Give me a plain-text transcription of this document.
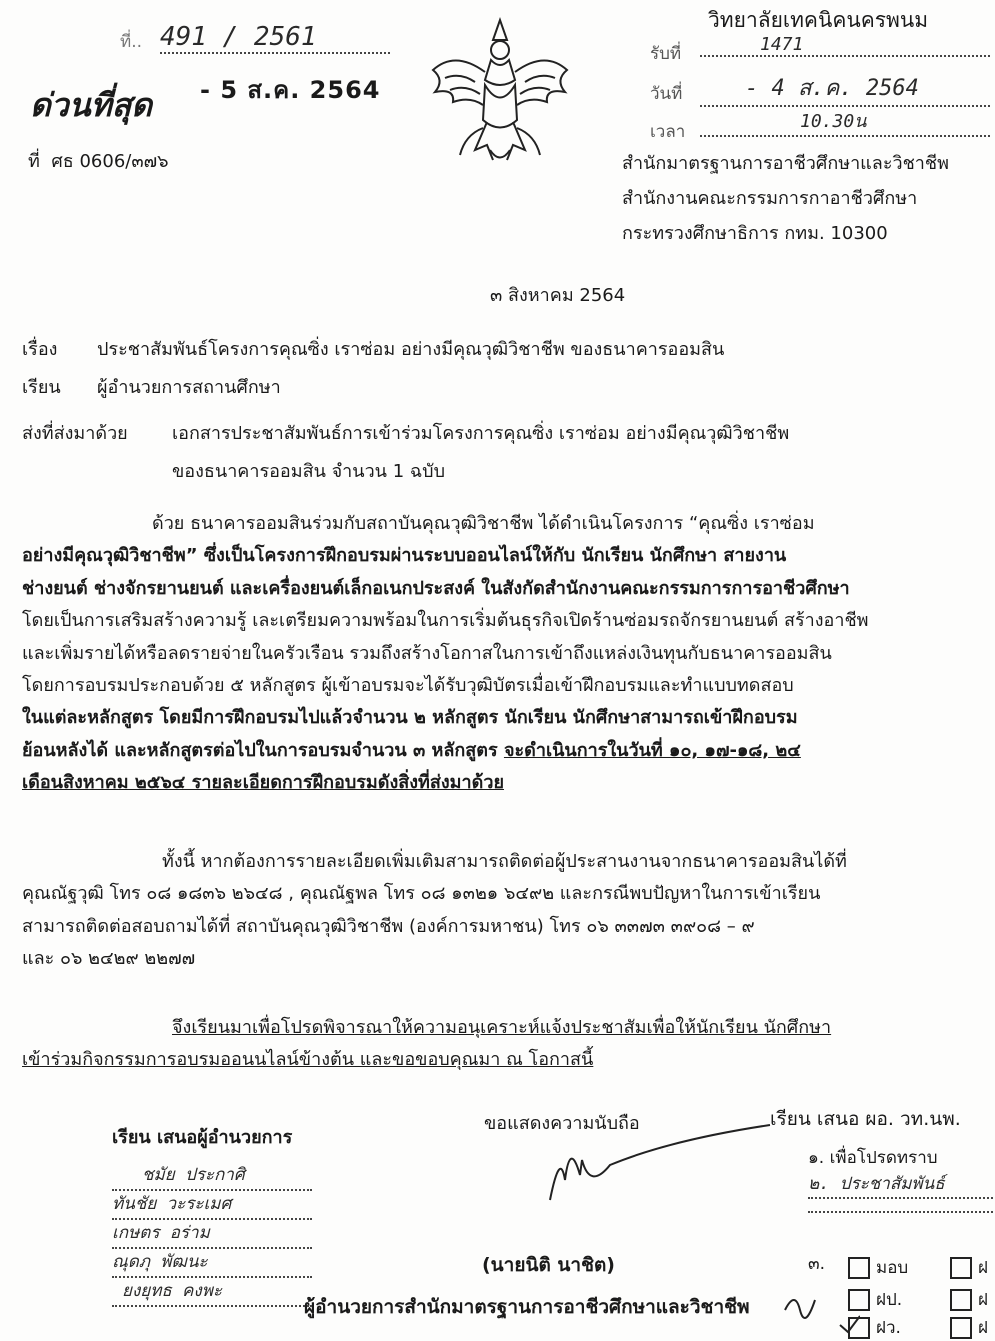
ที่.. 491 / 2561
- 5 ส.ค. 2564
ด่วนที่สุด
ที่ ศธ 0606/๓๗๖
วิทยาลัยเทคนิคนครพนม
รับที่	1471
วันที่	- 4 ส.ค. 2564
เวลา	10.30น
สำนักมาตรฐานการอาชีวศึกษาและวิชาชีพ
สำนักงานคณะกรรมการกาอาชีวศึกษา
กระทรวงศึกษาธิการ กทม. 10300
๓ สิงหาคม 2564
เรื่อง ประชาสัมพันธ์โครงการคุณซิ่ง เราซ่อม อย่างมีคุณวุฒิวิชาชีพ ของธนาคารออมสิน
เรียน ผู้อำนวยการสถานศึกษา
ส่งที่ส่งมาด้วย เอกสารประชาสัมพันธ์การเข้าร่วมโครงการคุณซิ่ง เราซ่อม อย่างมีคุณวุฒิวิชาชีพ
ของธนาคารออมสิน จำนวน 1 ฉบับ
ด้วย ธนาคารออมสินร่วมกับสถาบันคุณวุฒิวิชาชีพ ได้ดำเนินโครงการ “คุณซิ่ง เราซ่อม
อย่างมีคุณวุฒิวิชาชีพ” ซึ่งเป็นโครงการฝึกอบรมผ่านระบบออนไลน์ให้กับ นักเรียน นักศึกษา สายงาน
ช่างยนต์ ช่างจักรยานยนต์ และเครื่องยนต์เล็กอเนกประสงค์ ในสังกัดสำนักงานคณะกรรมการการอาชีวศึกษา
โดยเป็นการเสริมสร้างความรู้ เละเตรียมความพร้อมในการเริ่มต้นธุรกิจเปิดร้านซ่อมรถจักรยานยนต์ สร้างอาชีพ
และเพิ่มรายได้หรือลดรายจ่ายในครัวเรือน รวมถึงสร้างโอกาสในการเข้าถึงแหล่งเงินทุนกับธนาคารออมสิน
โดยการอบรมประกอบด้วย ๕ หลักสูตร ผู้เข้าอบรมจะได้รับวุฒิบัตรเมื่อเข้าฝึกอบรมและทำแบบทดสอบ
ในแต่ละหลักสูตร โดยมีการฝึกอบรมไปแล้วจำนวน ๒ หลักสูตร นักเรียน นักศึกษาสามารถเข้าฝึกอบรม
ย้อนหลังได้ และหลักสูตรต่อไปในการอบรมจำนวน ๓ หลักสูตร จะดำเนินการในวันที่ ๑๐, ๑๗-๑๘, ๒๔
เดือนสิงหาคม ๒๕๖๔ รายละเอียดการฝึกอบรมดังสิ่งที่ส่งมาด้วย
ทั้งนี้ หากต้องการรายละเอียดเพิ่มเติมสามารถติดต่อผู้ประสานงานจากธนาคารออมสินได้ที่
คุณณัฐวุฒิ โทร ๐๘ ๑๘๓๖ ๒๖๔๘ , คุณณัฐพล โทร ๐๘ ๑๓๒๑ ๖๔๙๒ และกรณีพบปัญหาในการเข้าเรียน
สามารถติดต่อสอบถามได้ที่ สถาบันคุณวุฒิวิชาชีพ (องค์การมหาชน) โทร ๐๖ ๓๓๗๓ ๓๙๐๘ – ๙
และ ๐๖ ๒๔๒๙ ๒๒๗๗
จึงเรียนมาเพื่อโปรดพิจารณาให้ความอนุเคราะห์แจ้งประชาสัมเพื่อให้นักเรียน นักศึกษา
เข้าร่วมกิจกรรมการอบรมออนนไลน์ข้างต้น และขอขอบคุณมา ณ โอกาสนี้
ขอแสดงความนับถือ
(นายนิติ นาชิต)
ผู้อำนวยการสำนักมาตรฐานการอาชีวศึกษาและวิชาชีพ
เรียน เสนอผู้อำนวยการ
ชมัย ประกาศิ
ทันชัย วะระเมศ
เกษตร อร่าม
ณุดภุ พัฒนะ
ยงยุทธ คงพะ
เรียน เสนอ ผอ. วท.นพ.
๑. เพื่อโปรดทราบ
๒. ประชาสัมพันธ์
๓.	มอบ	ฝ
ฝป.	ฝ
ฝว.	ฝ
